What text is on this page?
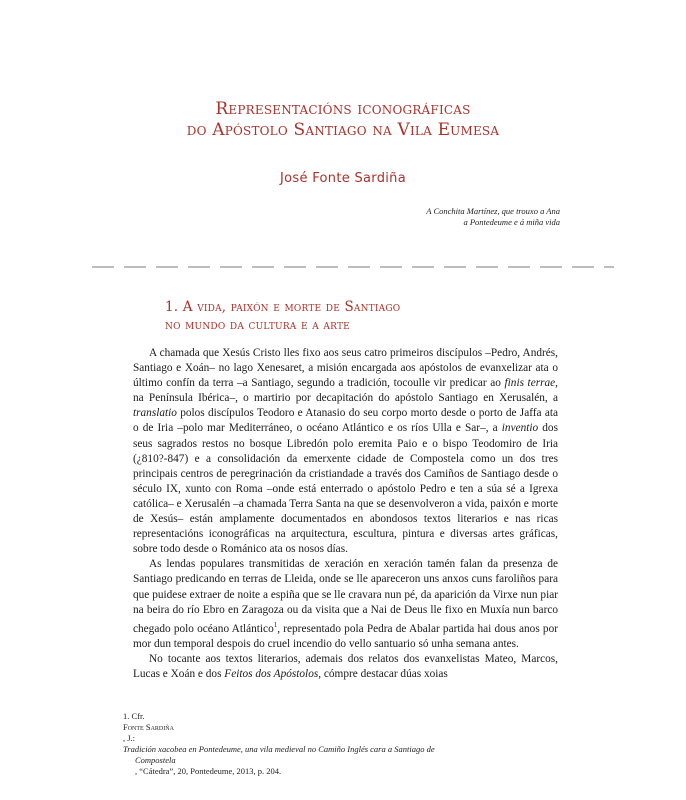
Representacións iconográficas
do Apóstolo Santiago na Vila Eumesa
José Fonte Sardiña
A Conchita Martínez, que trouxo a Ana
a Pontedeume e á miña vida
1. A vida, paixón e morte de Santiago
no mundo da cultura e a arte

A chamada que Xesús Cristo lles fixo aos seus catro primeiros discípulos –Pedro, Andrés, Santiago e Xoán– no lago Xenesaret, a misión encargada aos apóstolos de evanxelizar ata o último confín da terra –a Santiago, segundo a tradición, tocoulle vir predicar ao finis terrae, na Península Ibérica–, o martirio por decapitación do apóstolo Santiago en Xerusalén, a translatio polos discípulos Teodoro e Atanasio do seu corpo morto desde o porto de Jaffa ata o de Iria –polo mar Mediterráneo, o océano Atlántico e os ríos Ulla e Sar–, a inventio dos seus sagrados restos no bosque Libredón polo eremita Paio e o bispo Teodomiro de Iria (¿810?-847) e a consolidación da emerxente cidade de Compostela como un dos tres principais centros de peregrinación da cristiandade a través dos Camiños de Santiago desde o século IX, xunto con Roma –onde está enterrado o apóstolo Pedro e ten a súa sé a Igrexa católica– e Xerusalén –a chamada Terra Santa na que se desenvolveron a vida, paixón e morte de Xesús– están amplamente documentados en abondosos textos literarios e nas ricas representacións iconográficas na arquitectura, escultura, pintura e diversas artes gráficas, sobre todo desde o Románico ata os nosos días.

As lendas populares transmitidas de xeración en xeración tamén falan da presenza de Santiago predicando en terras de Lleida, onde se lle apareceron uns anxos cuns faroliños para que puidese extraer de noite a espiña que se lle cravara nun pé, da aparición da Virxe nun piar na beira do río Ebro en Zaragoza ou da visita que a Nai de Deus lle fixo en Muxía nun barco chegado polo océano Atlántico$^1$, representado pola Pedra de Abalar partida hai dous anos por mor dun temporal despois do cruel incendio do vello santuario só unha semana antes.

No tocante aos textos literarios, ademais dos relatos dos evanxelistas Mateo, Marcos, Lucas e Xoán e dos Feitos dos Apóstolos, cómpre destacar dúas xoias

1. Cfr.
Fonte Sardiña
, J.:
Tradición xacobea en Pontedeume, una vila medieval no Camiño Inglés cara a Santiago de
Compostela
, “Cátedra”, 20, Pontedeume, 2013, p. 204.
